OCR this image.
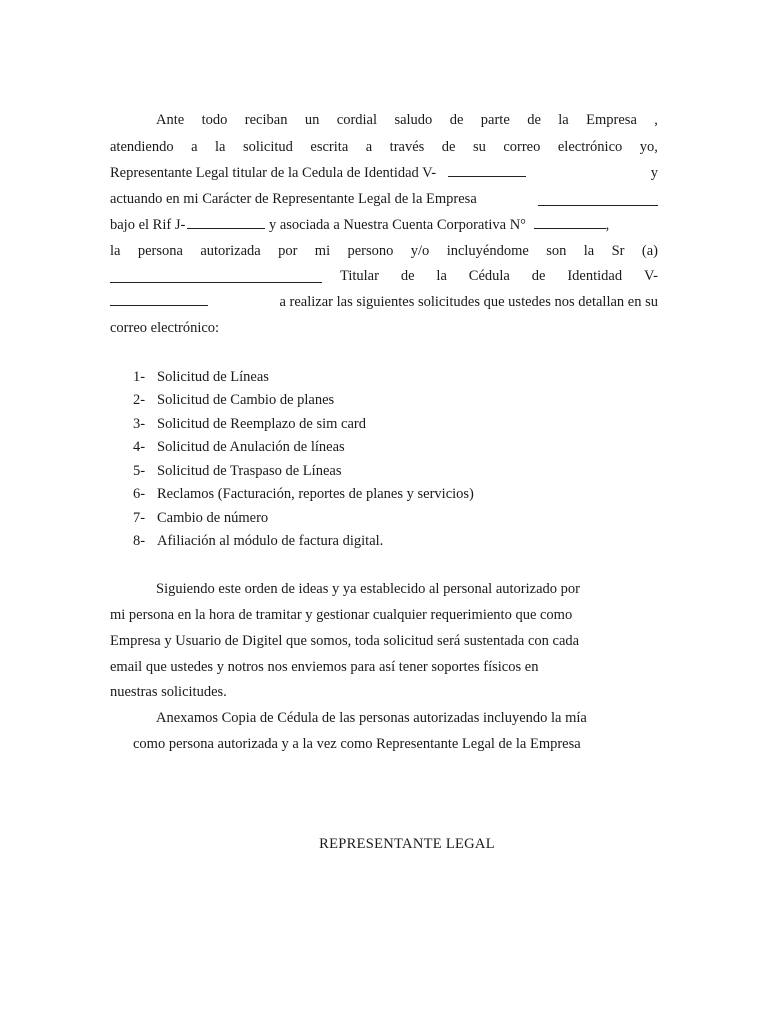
Ante todo reciban un cordial saludo de parte de la Empresa ,
atendiendo a la solicitud escrita a través de su correo electrónico yo,
Representante Legal titular de la Cedula de Identidad V-	y
actuando en mi Carácter de Representante Legal de la Empresa
bajo el Rif J-	y asociada a Nuestra Cuenta Corporativa N°	,
la persona autorizada por mi persono y/o incluyéndome son la Sr (a)
Titular de la Cédula de Identidad V-
a realizar las siguientes solicitudes que ustedes nos detallan en su
correo electrónico:
1- Solicitud de Líneas
2- Solicitud de Cambio de planes
3- Solicitud de Reemplazo de sim card
4- Solicitud de Anulación de líneas
5- Solicitud de Traspaso de Líneas
6- Reclamos (Facturación, reportes de planes y servicios)
7- Cambio de número
8- Afiliación al módulo de factura digital.
Siguiendo este orden de ideas y ya establecido al personal autorizado por
mi persona en la hora de tramitar y gestionar cualquier requerimiento que como
Empresa y Usuario de Digitel que somos, toda solicitud será sustentada con cada
email que ustedes y notros nos enviemos para así tener soportes físicos en
nuestras solicitudes.
Anexamos Copia de Cédula de las personas autorizadas incluyendo la mía
como persona autorizada y a la vez como Representante Legal de la Empresa
REPRESENTANTE LEGAL
